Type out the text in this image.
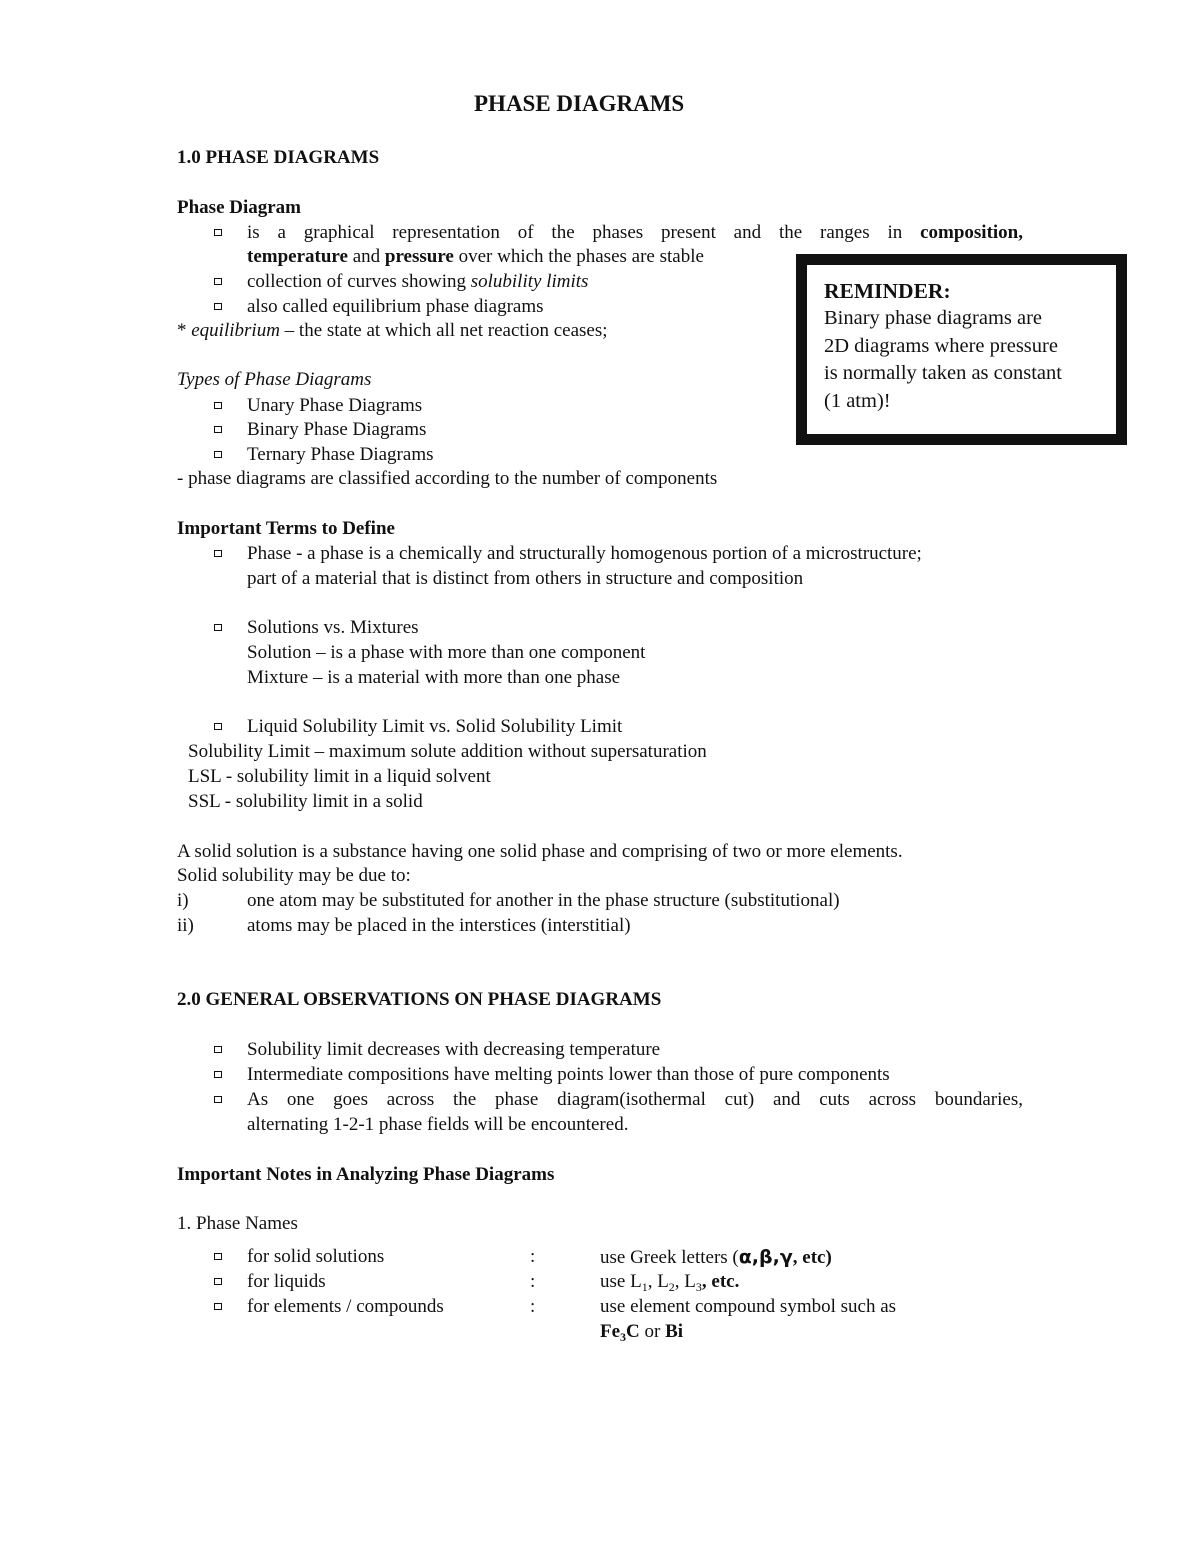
PHASE DIAGRAMS
1.0 PHASE DIAGRAMS
Phase Diagram
is a graphical representation of the phases present and the ranges in composition,
temperature and pressure over which the phases are stable
collection of curves showing solubility limits
also called equilibrium phase diagrams
* equilibrium – the state at which all net reaction ceases;
Types of Phase Diagrams
Unary Phase Diagrams
Binary Phase Diagrams
Ternary Phase Diagrams
- phase diagrams are classified according to the number of components
REMINDER:
Binary phase diagrams are
2D diagrams where pressure
is normally taken as constant
(1 atm)!
Important Terms to Define
Phase - a phase is a chemically and structurally homogenous portion of a microstructure;
part of a material that is distinct from others in structure and composition
Solutions vs. Mixtures
Solution – is a phase with more than one component
Mixture – is a material with more than one phase
Liquid Solubility Limit vs. Solid Solubility Limit
Solubility Limit – maximum solute addition without supersaturation
LSL - solubility limit in a liquid solvent
SSL - solubility limit in a solid
A solid solution is a substance having one solid phase and comprising of two or more elements.
Solid solubility may be due to:
i)	one atom may be substituted for another in the phase structure (substitutional)
ii)	atoms may be placed in the interstices (interstitial)
2.0 GENERAL OBSERVATIONS ON PHASE DIAGRAMS
Solubility limit decreases with decreasing temperature
Intermediate compositions have melting points lower than those of pure components
As one goes across the phase diagram(isothermal cut) and cuts across boundaries,
alternating 1-2-1 phase fields will be encountered.
Important Notes in Analyzing Phase Diagrams
1. Phase Names
for solid solutions	:	use Greek letters (α,β,γ, etc)
for liquids	:	use $L_1$, $L_2$, $L_3$, etc.
for elements / compounds	:	use element compound symbol such as
$Fe_3C$ or Bi
